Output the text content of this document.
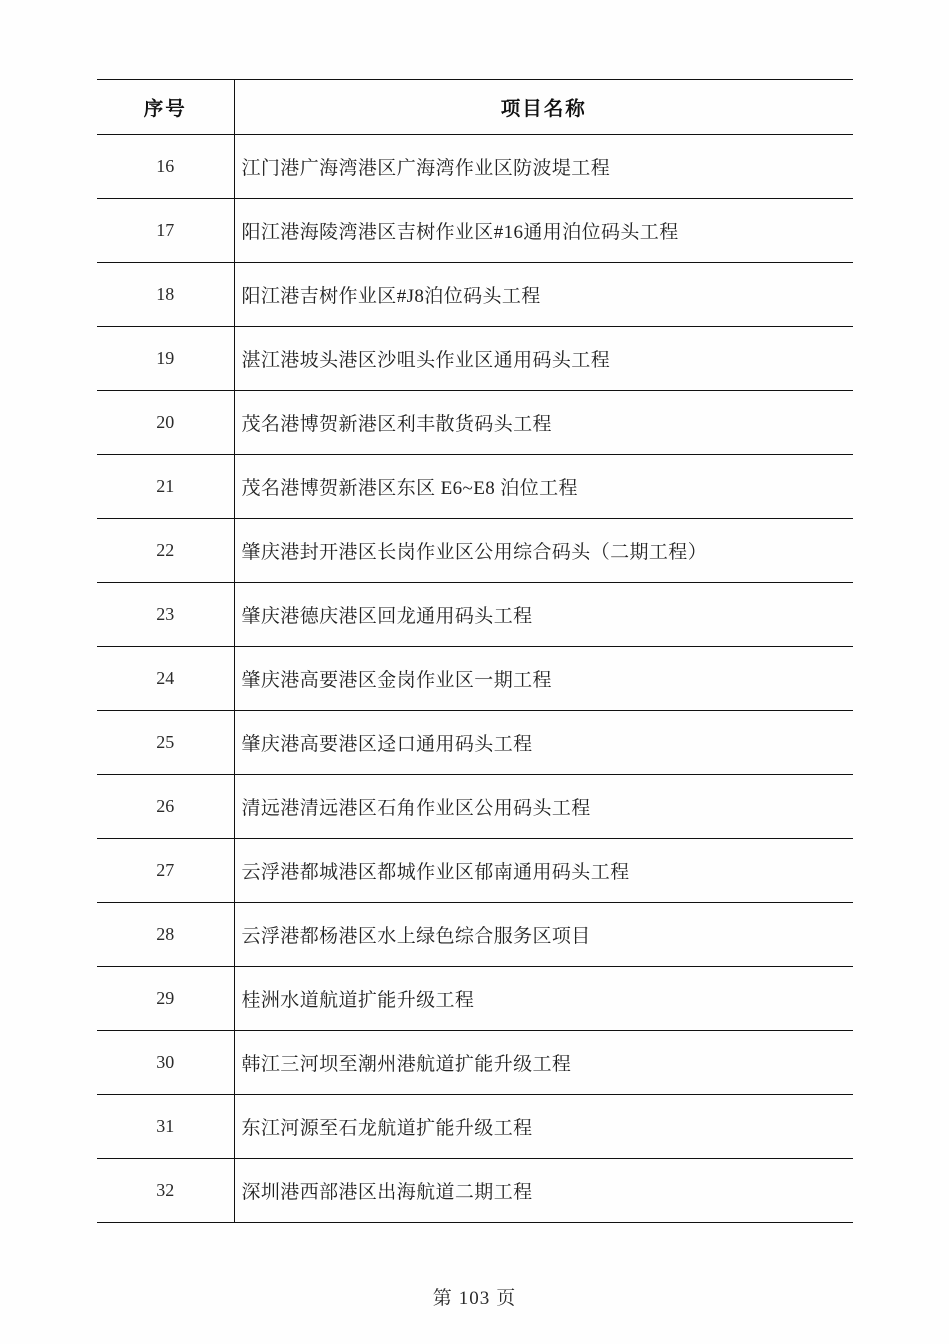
序号	项目名称
16	江门港广海湾港区广海湾作业区防波堤工程
17	阳江港海陵湾港区吉树作业区#16通用泊位码头工程
18	阳江港吉树作业区#J8泊位码头工程
19	湛江港坡头港区沙咀头作业区通用码头工程
20	茂名港博贺新港区利丰散货码头工程
21	茂名港博贺新港区东区 E6~E8 泊位工程
22	肇庆港封开港区长岗作业区公用综合码头（二期工程）
23	肇庆港德庆港区回龙通用码头工程
24	肇庆港高要港区金岗作业区一期工程
25	肇庆港高要港区迳口通用码头工程
26	清远港清远港区石角作业区公用码头工程
27	云浮港都城港区都城作业区郁南通用码头工程
28	云浮港都杨港区水上绿色综合服务区项目
29	桂洲水道航道扩能升级工程
30	韩江三河坝至潮州港航道扩能升级工程
31	东江河源至石龙航道扩能升级工程
32	深圳港西部港区出海航道二期工程
第 103 页
